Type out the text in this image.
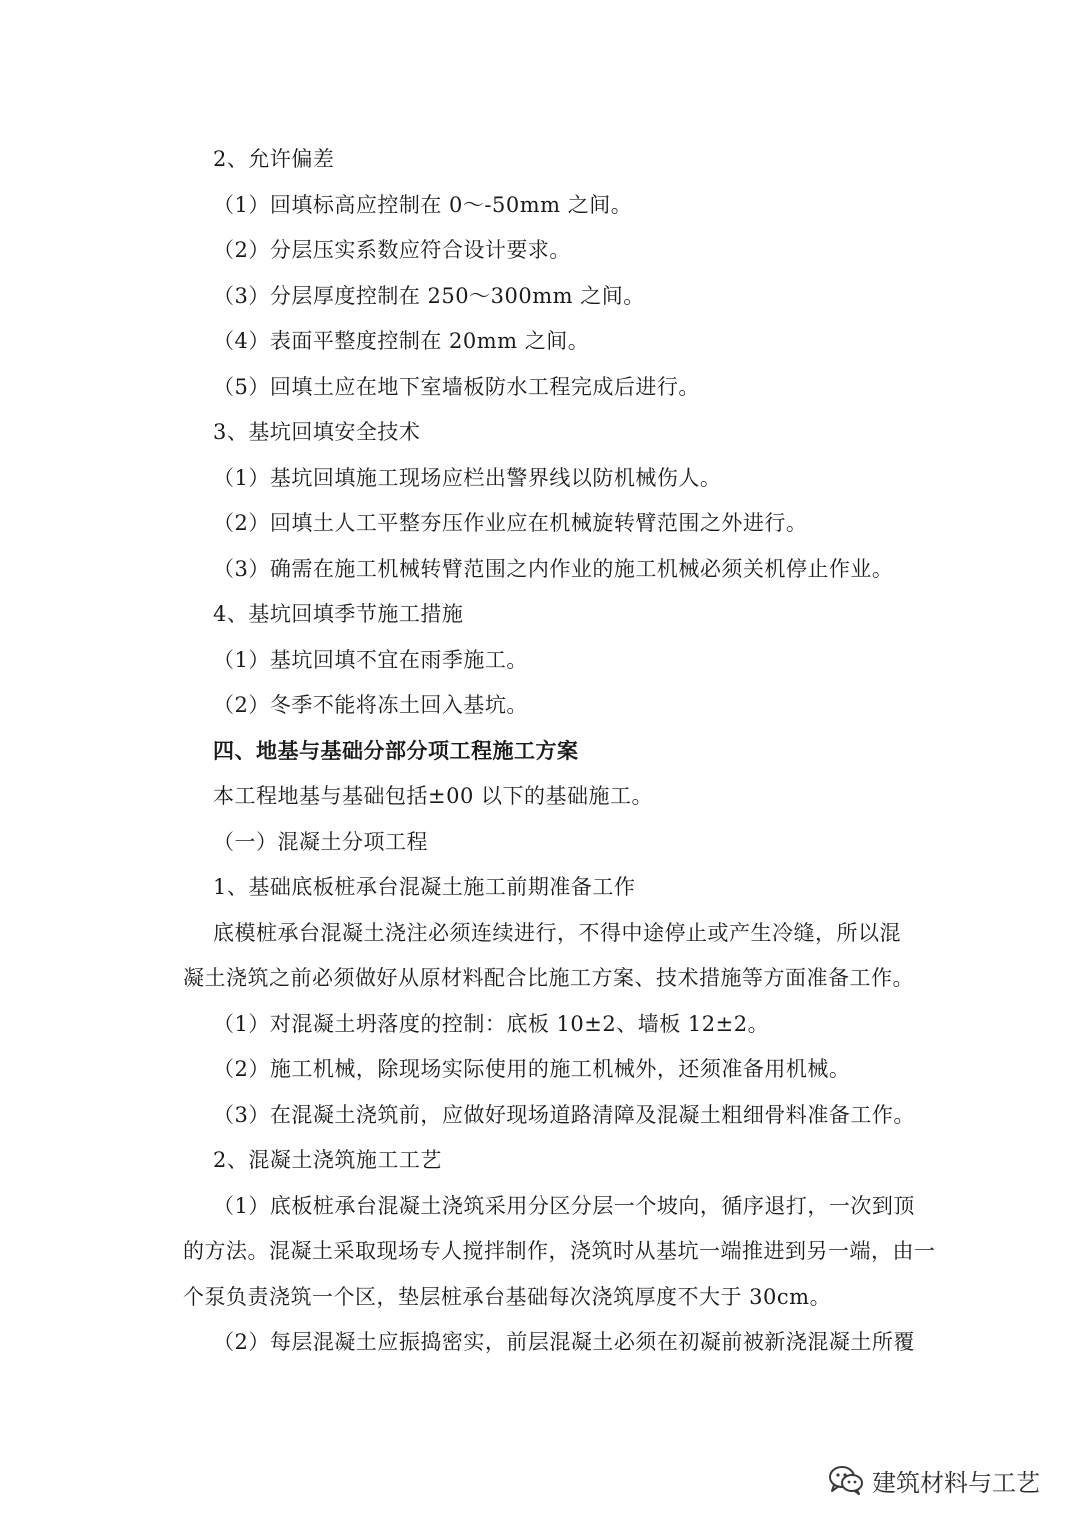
2、允许偏差
（1）回填标高应控制在 0～-50mm 之间。
（2）分层压实系数应符合设计要求。
（3）分层厚度控制在 250～300mm 之间。
（4）表面平整度控制在 20mm 之间。
（5）回填土应在地下室墙板防水工程完成后进行。
3、基坑回填安全技术
（1）基坑回填施工现场应栏出警界线以防机械伤人。
（2）回填土人工平整夯压作业应在机械旋转臂范围之外进行。
（3）确需在施工机械转臂范围之内作业的施工机械必须关机停止作业。
4、基坑回填季节施工措施
（1）基坑回填不宜在雨季施工。
（2）冬季不能将冻土回入基坑。
四、地基与基础分部分项工程施工方案
本工程地基与基础包括±00 以下的基础施工。
（一）混凝土分项工程
1、基础底板桩承台混凝土施工前期准备工作
底模桩承台混凝土浇注必须连续进行，不得中途停止或产生冷缝，所以混
凝土浇筑之前必须做好从原材料配合比施工方案、技术措施等方面准备工作。
（1）对混凝土坍落度的控制：底板 10±2、墙板 12±2。
（2）施工机械，除现场实际使用的施工机械外，还须准备用机械。
（3）在混凝土浇筑前，应做好现场道路清障及混凝土粗细骨料准备工作。
2、混凝土浇筑施工工艺
（1）底板桩承台混凝土浇筑采用分区分层一个坡向，循序退打，一次到顶
的方法。混凝土采取现场专人搅拌制作，浇筑时从基坑一端推进到另一端，由一
个泵负责浇筑一个区，垫层桩承台基础每次浇筑厚度不大于 30cm。
（2）每层混凝土应振捣密实，前层混凝土必须在初凝前被新浇混凝土所覆
建筑材料与工艺
